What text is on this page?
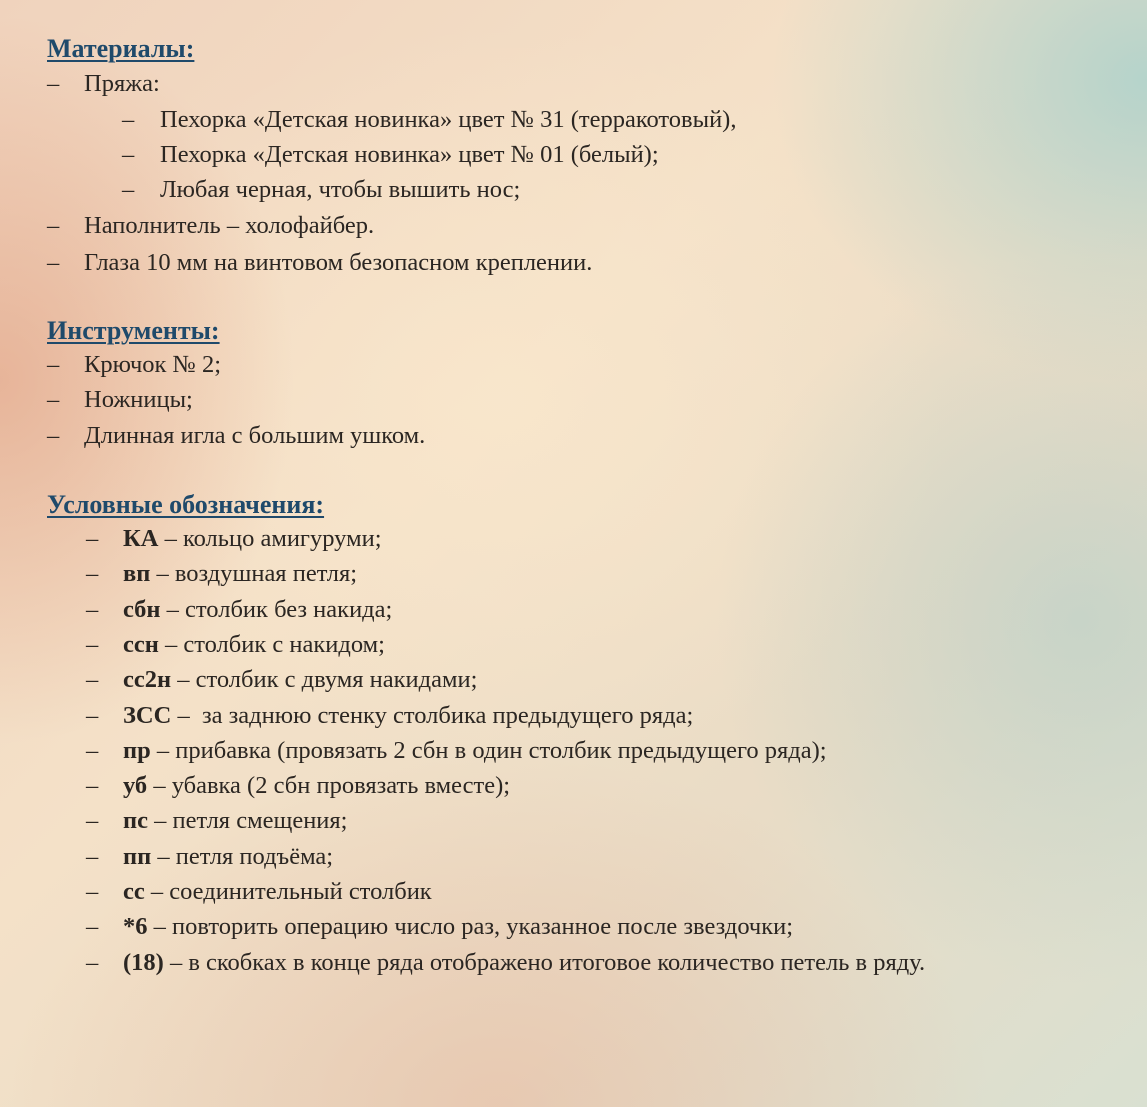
Материалы:
– Пряжа:
– Пехорка «Детская новинка» цвет № 31 (терракотовый),
– Пехорка «Детская новинка» цвет № 01 (белый);
– Любая черная, чтобы вышить нос;
– Наполнитель – холофайбер.
– Глаза 10 мм на винтовом безопасном креплении.
Инструменты:
– Крючок № 2;
– Ножницы;
– Длинная игла с большим ушком.
Условные обозначения:
– КА – кольцо амигуруми;
– вп – воздушная петля;
– сбн – столбик без накида;
– ссн – столбик с накидом;
– сс2н – столбик с двумя накидами;
– ЗСС –  за заднюю стенку столбика предыдущего ряда;
– пр – прибавка (провязать 2 сбн в один столбик предыдущего ряда);
– уб – убавка (2 сбн провязать вместе);
– пс – петля смещения;
– пп – петля подъёма;
– сс – соединительный столбик
– *6 – повторить операцию число раз, указанное после звездочки;
– (18) – в скобках в конце ряда отображено итоговое количество петель в ряду.
